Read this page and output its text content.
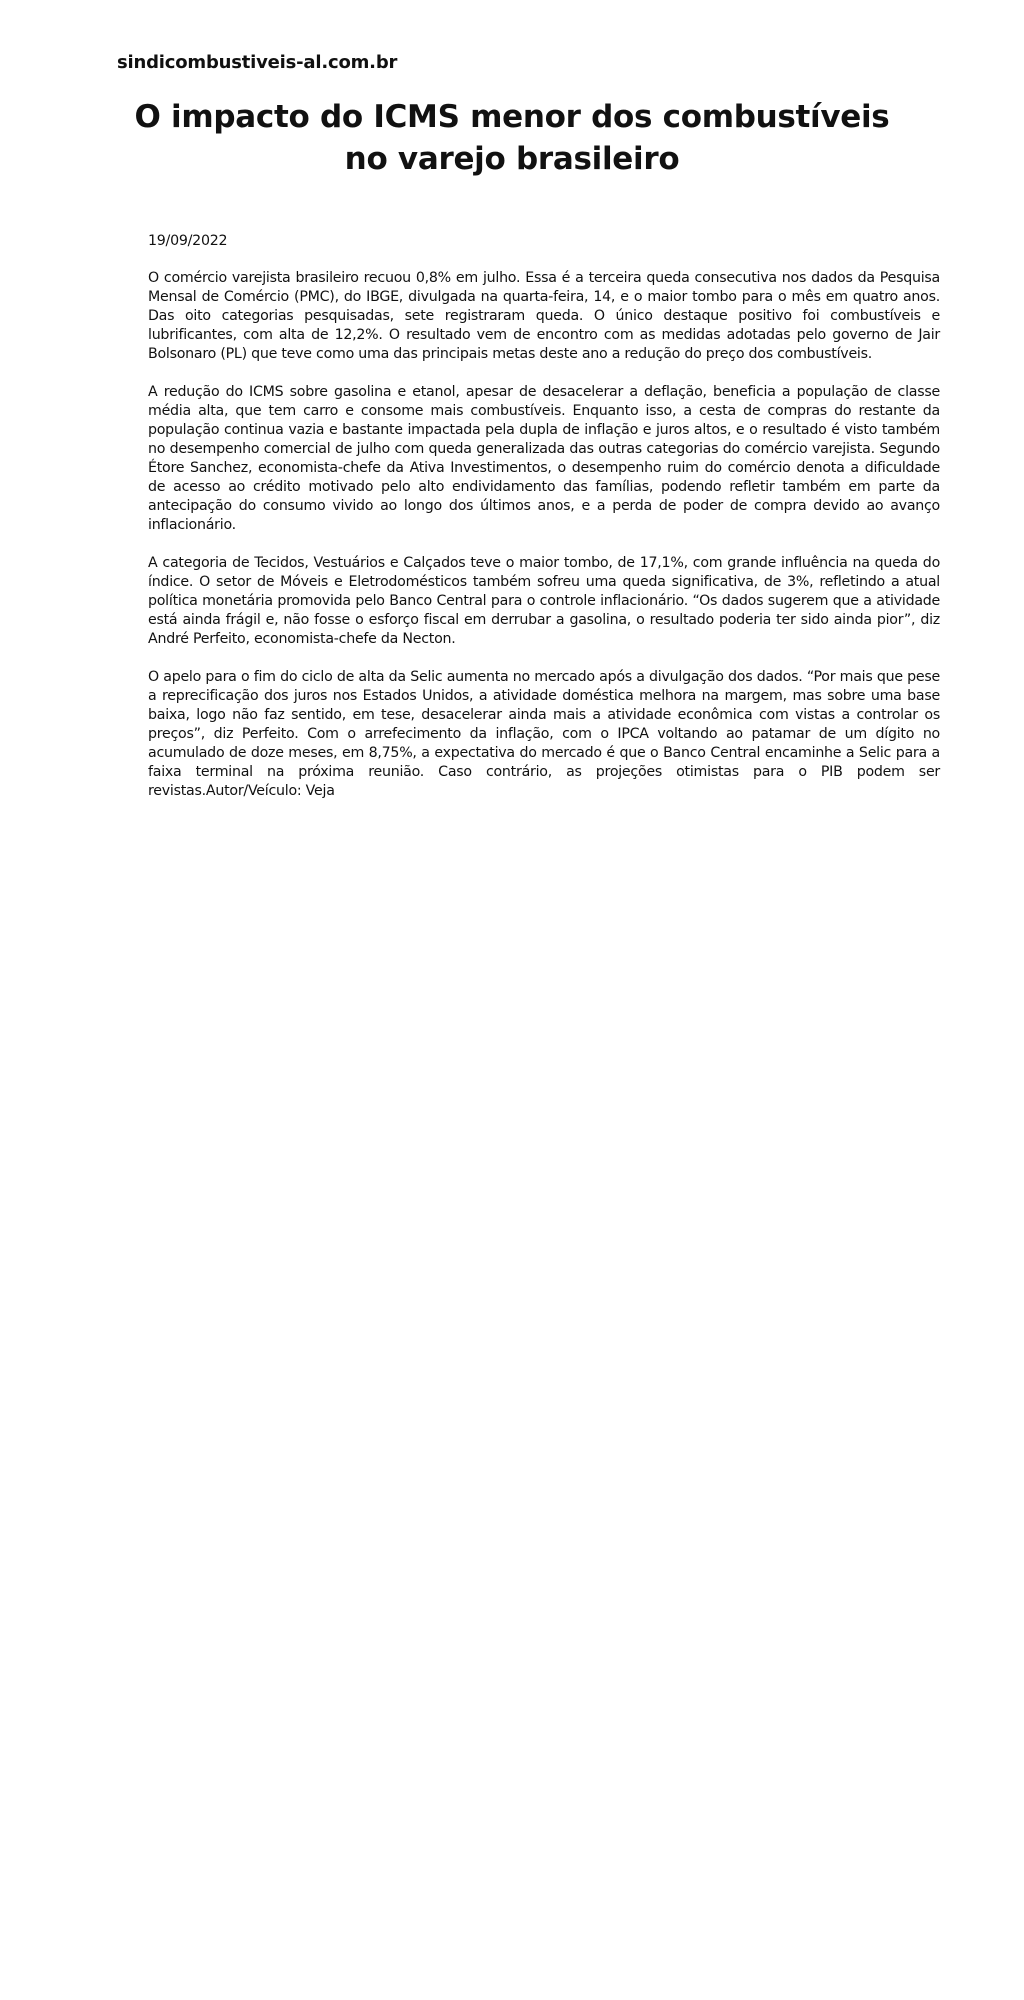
sindicombustiveis-al.com.br
O impacto do ICMS menor dos combustíveis no varejo brasileiro
19/09/2022

O comércio varejista brasileiro recuou 0,8% em julho. Essa é a terceira queda consecutiva nos dados da Pesquisa Mensal de Comércio (PMC), do IBGE, divulgada na quarta-feira, 14, e o maior tombo para o mês em quatro anos. Das oito categorias pesquisadas, sete registraram queda. O único destaque positivo foi combustíveis e lubrificantes, com alta de 12,2%. O resultado vem de encontro com as medidas adotadas pelo governo de Jair Bolsonaro (PL) que teve como uma das principais metas deste ano a redução do preço dos combustíveis.

A redução do ICMS sobre gasolina e etanol, apesar de desacelerar a deflação, beneficia a população de classe média alta, que tem carro e consome mais combustíveis. Enquanto isso, a cesta de compras do restante da população continua vazia e bastante impactada pela dupla de inflação e juros altos, e o resultado é visto também no desempenho comercial de julho com queda generalizada das outras categorias do comércio varejista. Segundo Étore Sanchez, economista-chefe da Ativa Investimentos, o desempenho ruim do comércio denota a dificuldade de acesso ao crédito motivado pelo alto endividamento das famílias, podendo refletir também em parte da antecipação do consumo vivido ao longo dos últimos anos, e a perda de poder de compra devido ao avanço inflacionário.

A categoria de Tecidos, Vestuários e Calçados teve o maior tombo, de 17,1%, com grande influência na queda do índice. O setor de Móveis e Eletrodomésticos também sofreu uma queda significativa, de 3%, refletindo a atual política monetária promovida pelo Banco Central para o controle inflacionário. “Os dados sugerem que a atividade está ainda frágil e, não fosse o esforço fiscal em derrubar a gasolina, o resultado poderia ter sido ainda pior”, diz André Perfeito, economista-chefe da Necton.

O apelo para o fim do ciclo de alta da Selic aumenta no mercado após a divulgação dos dados. “Por mais que pese a reprecificação dos juros nos Estados Unidos, a atividade doméstica melhora na margem, mas sobre uma base baixa, logo não faz sentido, em tese, desacelerar ainda mais a atividade econômica com vistas a controlar os preços”, diz Perfeito. Com o arrefecimento da inflação, com o IPCA voltando ao patamar de um dígito no acumulado de doze meses, em 8,75%, a expectativa do mercado é que o Banco Central encaminhe a Selic para a faixa terminal na próxima reunião. Caso contrário, as projeções otimistas para o PIB podem ser revistas.Autor/Veículo: Veja
